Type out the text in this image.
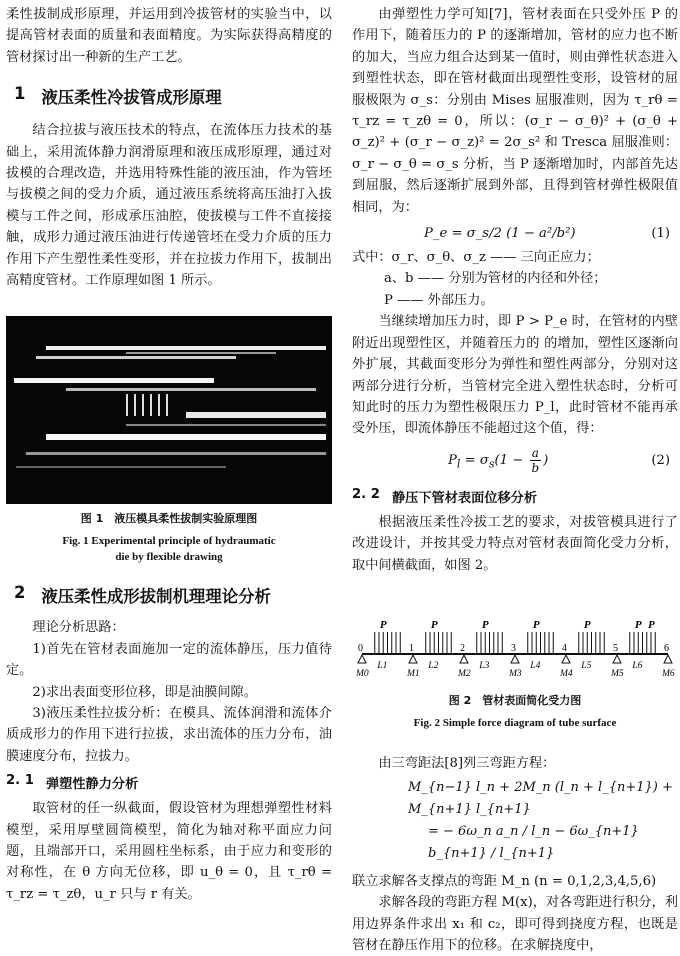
柔性拔制成形原理，并运用到冷拔管材的实验当中，以提高管材表面的质量和表面精度。为实际获得高精度的管材探讨出一种新的生产工艺。

1 液压柔性冷拔管成形原理

结合拉拔与液压技术的特点，在流体压力技术的基础上，采用流体静力润滑原理和液压成形原理，通过对拔模的合理改造，并选用特殊性能的液压油，作为管坯与拔模之间的受力介质，通过液压系统将高压油打入拔模与工件之间，形成承压油腔，使拔模与工件不直接接触，成形力通过液压油进行传递管坯在受力介质的压力作用下产生塑性柔性变形，并在拉拔力作用下，拔制出高精度管材。工作原理如图 1 所示。

图 1　液压模具柔性拔制实验原理图

Fig. 1 Experimental principle of hydraumatic

die by flexible drawing

2 液压柔性成形拔制机理理论分析

理论分析思路：

1)首先在管材表面施加一定的流体静压，压力值待定。

2)求出表面变形位移，即是油膜间隙。

3)液压柔性拉拔分析：在模具、流体润滑和流体介质成形力的作用下进行拉拔，求出流体的压力分布，油膜速度分布，拉拔力。

2. 1 弹塑性静力分析

取管材的任一纵截面，假设管材为理想弹塑性材料模型，采用厚壁圆筒模型，简化为轴对称平面应力问题，且端部开口，采用圆柱坐标系，由于应力和变形的对称性，在 θ 方向无位移，即 u_θ = 0，且 τ_rθ = τ_rz = τ_zθ，u_r 只与 r 有关。

由弹塑性力学可知[7]，管材表面在只受外压 P 的作用下，随着压力的 P 的逐渐增加，管材的应力也不断的加大，当应力组合达到某一值时，则由弹性状态进入到塑性状态，即在管材截面出现塑性变形，设管材的屈服极限为 σ_s：分别由 Mises 屈服准则，因为 τ_rθ = τ_rz = τ_zθ = 0，所以：(σ_r − σ_θ)² + (σ_θ + σ_z)² + (σ_r − σ_z)² = 2σ_s² 和 Tresca 屈服准则：σ_r − σ_θ = σ_s 分析，当 P 逐渐增加时，内部首先达到屈服，然后逐渐扩展到外部，且得到管材弹性极限值相同，为：

P_e = σ_s/2 (1 − a²/b²)	(1)

式中：σ_r、σ_θ、σ_z —— 三向正应力；

a、b —— 分别为管材的内径和外径；

P —— 外部压力。

当继续增加压力时，即 P > P_e 时，在管材的内壁附近出现塑性区，并随着压力的 的增加，塑性区逐渐向外扩展，其截面变形分为弹性和塑性两部分，分别对这两部分进行分析，当管材完全进入塑性状态时，分析可知此时的压力为塑性极限压力 P_l，此时管材不能再承受外压，即流体静压不能超过这个值，得：

$P_l = \sigma_s(1 - \frac{a}{b}$ )	(2)
2. 2 静压下管材表面位移分析

根据液压柔性冷拔工艺的要求，对拔管模具进行了改进设计，并按其受力特点对管材表面简化受力分析，取中间横截面，如图 2。

0
M0
1
M1
2
M2
3
M3
4
M4
5
M5
6
M6
P
L1
P
L2
P
L3
P
L4
P
L5
P
L6
P

图 2　管材表面简化受力图

Fig. 2 Simple force diagram of tube surface

由三弯距法[8]列三弯距方程：

M_{n−1} l_n + 2M_n (l_n + l_{n+1}) + M_{n+1} l_{n+1}
= − 6ω_n a_n / l_n − 6ω_{n+1} b_{n+1} / l_{n+1}

联立求解各支撑点的弯距 M_n (n = 0,1,2,3,4,5,6)

求解各段的弯距方程 M(x)，对各弯距进行积分，利用边界条件求出 x₁ 和 c₂，即可得到挠度方程，也既是管材在静压作用下的位移。在求解挠度中，
